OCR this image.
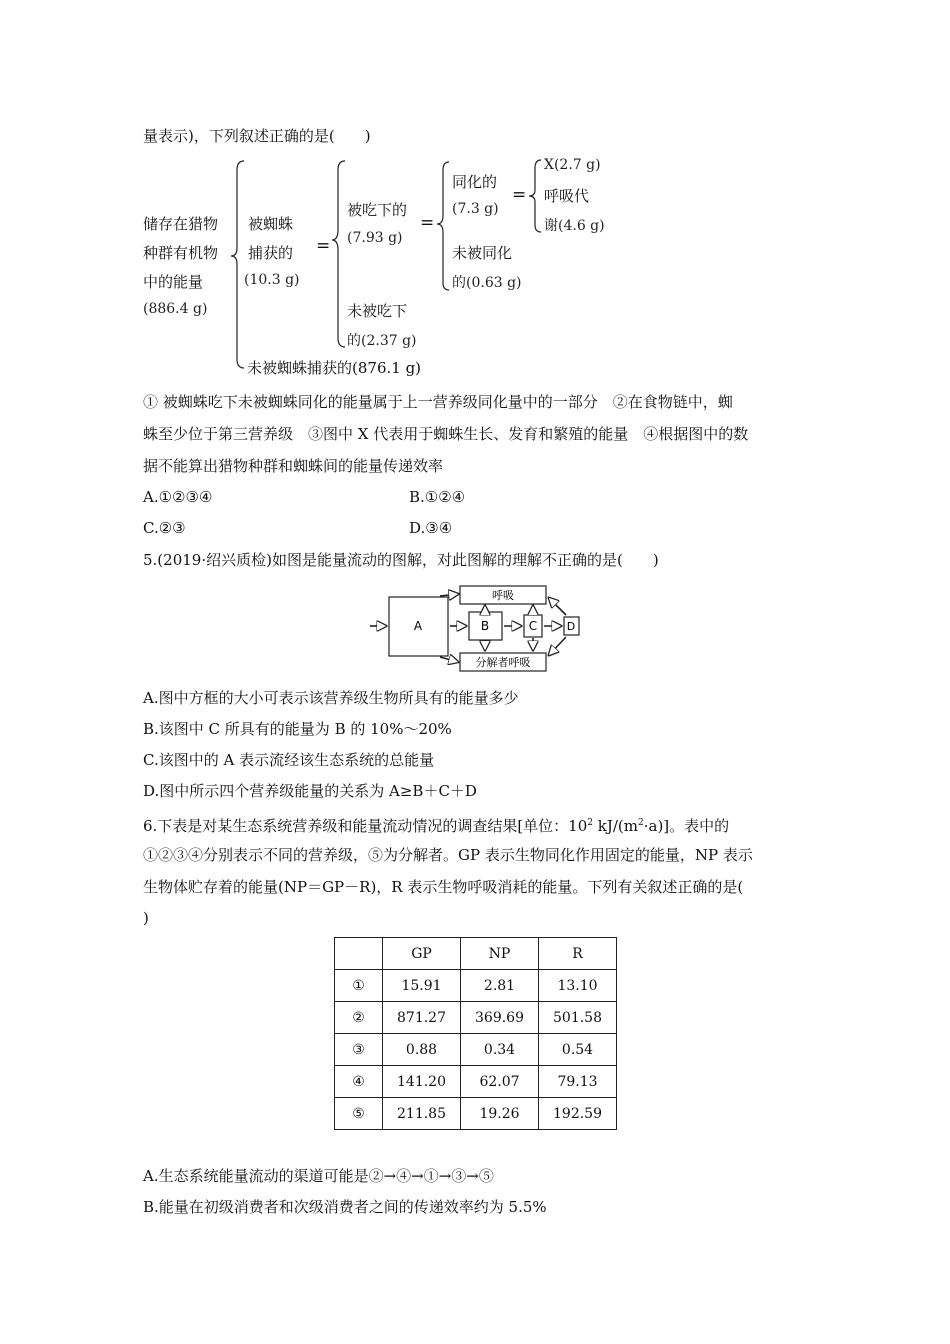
量表示)，下列叙述正确的是(　　)
储存在猎物
种群有机物
中的能量
(886.4 g)
被蜘蛛
捕获的
(10.3 g)
=
被吃下的
(7.93 g)
未被吃下
的(2.37 g)
=
同化的
(7.3 g)
未被同化
的(0.63 g)
=
X(2.7 g)
呼吸代
谢(4.6 g)
未被蜘蛛捕获的(876.1 g)
① 被蜘蛛吃下未被蜘蛛同化的能量属于上一营养级同化量中的一部分　②在食物链中，蜘
蛛至少位于第三营养级　③图中 X 代表用于蜘蛛生长、发育和繁殖的能量　④根据图中的数
据不能算出猎物种群和蜘蛛间的能量传递效率
A.①②③④	B.①②④
C.②③	D.③④
5.(2019·绍兴质检)如图是能量流动的图解，对此图解的理解不正确的是(　　)
A	B	C	D
呼吸
分解者呼吸
A.图中方框的大小可表示该营养级生物所具有的能量多少
B.该图中 C 所具有的能量为 B 的 10%～20%
C.该图中的 A 表示流经该生态系统的总能量
D.图中所示四个营养级能量的关系为 A≥B＋C＋D
6.下表是对某生态系统营养级和能量流动情况的调查结果[单位：$10^2$ $kJ/(m^2\cdot a)$]。表中的
①②③④分别表示不同的营养级，⑤为分解者。GP 表示生物同化作用固定的能量，NP 表示
生物体贮存着的能量(NP＝GP－R)，R 表示生物呼吸消耗的能量。下列有关叙述正确的是(
)
	GP	NP	R
①	15.91	2.81	13.10
②	871.27	369.69	501.58
③	0.88	0.34	0.54
④	141.20	62.07	79.13
⑤	211.85	19.26	192.59
A.生态系统能量流动的渠道可能是②→④→①→③→⑤
B.能量在初级消费者和次级消费者之间的传递效率约为 5.5%
